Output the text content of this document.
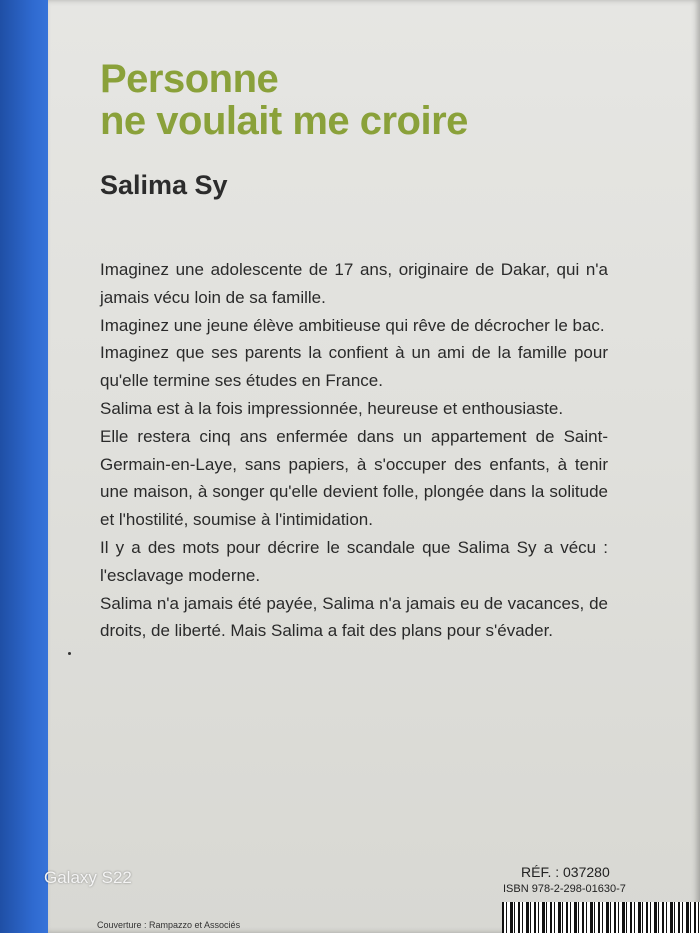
Personne
ne voulait me croire
Salima Sy

Imaginez une adolescente de 17 ans, originaire de Dakar, qui n'a jamais vécu loin de sa famille.

Imaginez une jeune élève ambitieuse qui rêve de décrocher le bac.

Imaginez que ses parents la confient à un ami de la famille pour qu'elle termine ses études en France.

Salima est à la fois impressionnée, heureuse et enthousiaste.

Elle restera cinq ans enfermée dans un appartement de Saint-Germain-en-Laye, sans papiers, à s'occuper des enfants, à tenir une maison, à songer qu'elle devient folle, plongée dans la solitude et l'hostilité, soumise à l'intimidation.

Il y a des mots pour décrire le scandale que Salima Sy a vécu : l'esclavage moderne.

Salima n'a jamais été payée, Salima n'a jamais eu de vacances, de droits, de liberté. Mais Salima a fait des plans pour s'évader.

RÉF. : 037280
ISBN 978-2-298-01630-7
Couverture : Rampazzo et Associés
Galaxy S22
